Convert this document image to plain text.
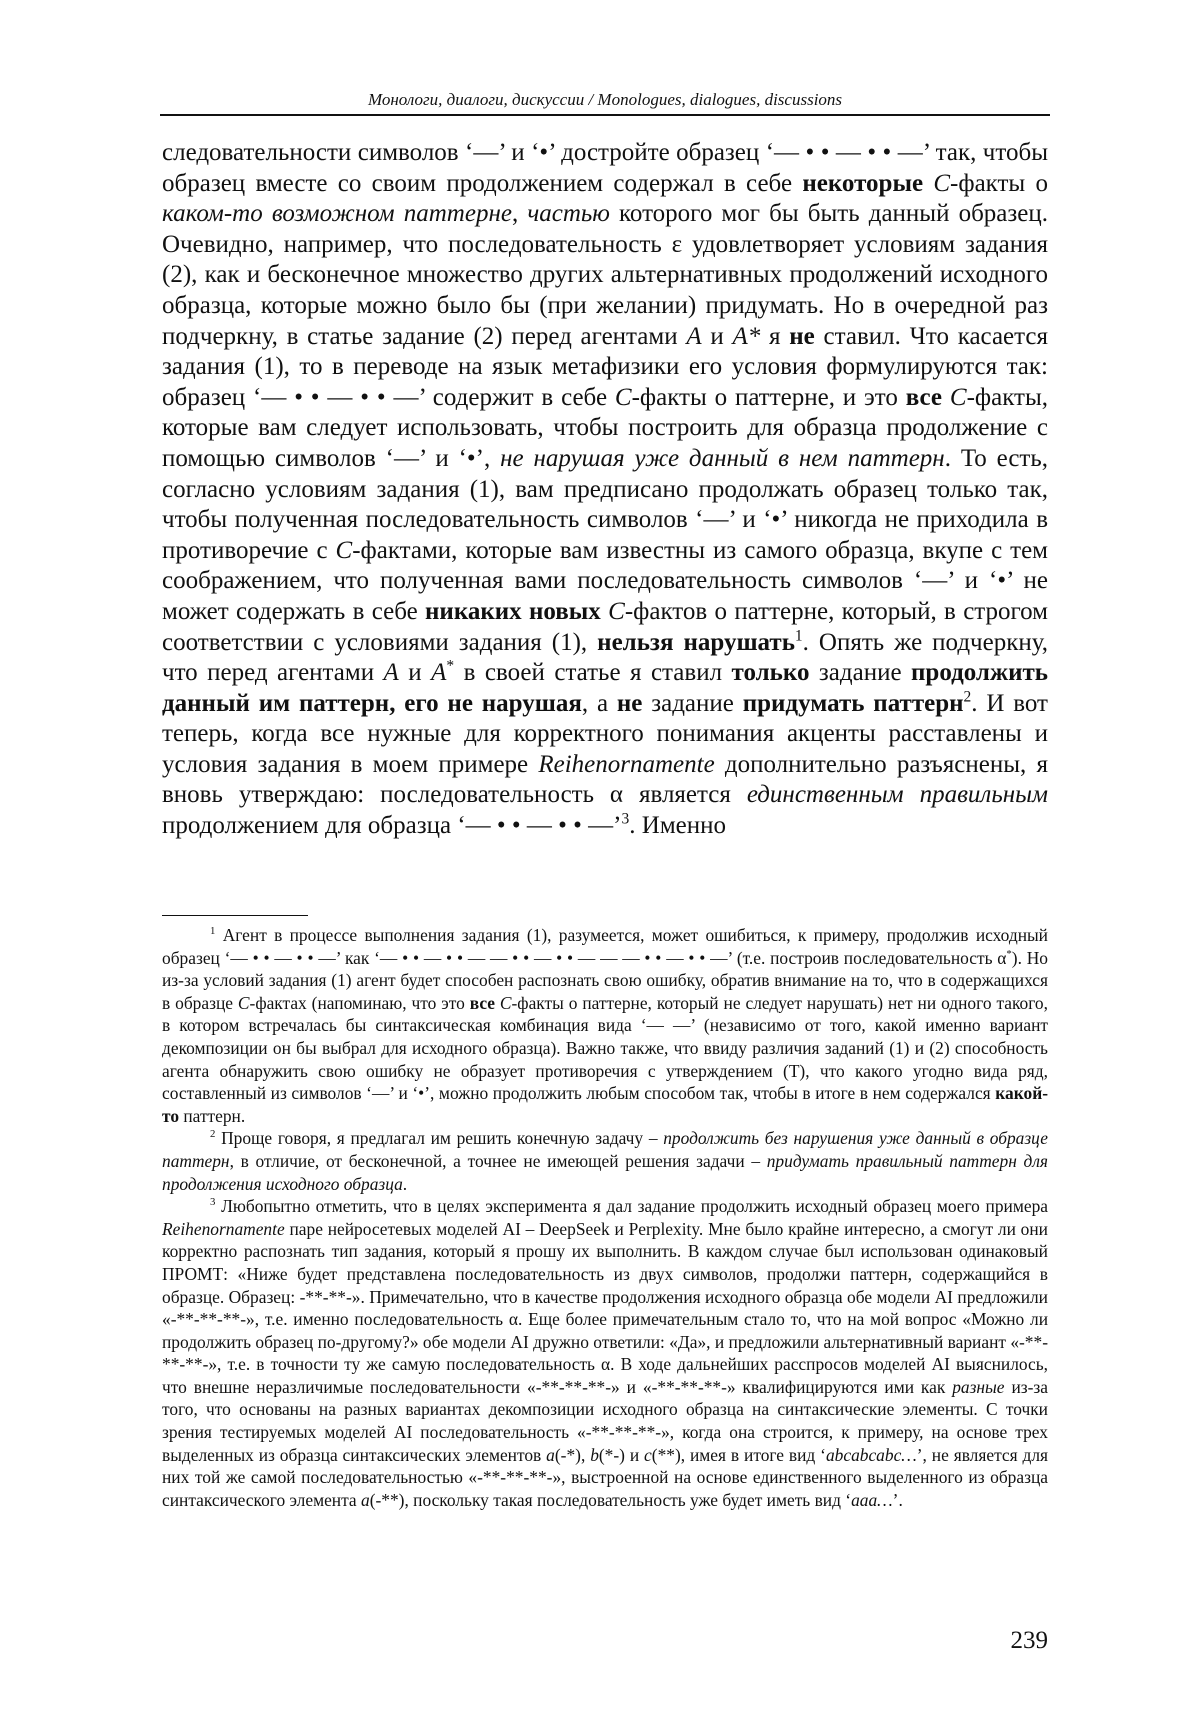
Монологи, диалоги, дискуссии / Monologues, dialogues, discussions

следовательности символов ‘—’ и ‘•’ достройте образец ‘— • • — • • —’ так, чтобы образец вместе со своим продолжением содержал в себе некоторые С-факты о каком-то возможном паттерне, частью которого мог бы быть данный образец. Очевидно, например, что последовательность ε удовлетворяет условиям задания (2), как и бесконечное множество других альтернативных продолжений исходного образца, которые можно было бы (при желании) придумать. Но в очередной раз подчеркну, в статье задание (2) перед агентами А и А* я не ставил. Что касается задания (1), то в переводе на язык метафизики его условия формулируются так: образец ‘— • • — • • —’ содержит в себе С-факты о паттерне, и это все С-факты, которые вам следует использовать, чтобы построить для образца продолжение с помощью символов ‘—’ и ‘•’, не нарушая уже данный в нем паттерн. То есть, согласно условиям задания (1), вам предписано продолжать образец только так, чтобы полученная последовательность символов ‘—’ и ‘•’ никогда не приходила в противоречие с С-фактами, которые вам известны из самого образца, вкупе с тем соображением, что полученная вами последовательность символов ‘—’ и ‘•’ не может содержать в себе никаких новых С-фактов о паттерне, который, в строгом соответствии с условиями задания (1), нельзя нарушать$^1$. Опять же подчеркну, что перед агентами А и А* в своей статье я ставил только задание продолжить данный им паттерн, его не нарушая, а не задание придумать паттерн$^2$. И вот теперь, когда все нужные для корректного понимания акценты расставлены и условия задания в моем примере Reihenornamente дополнительно разъяснены, я вновь утверждаю: последовательность α является единственным правильным продолжением для образца ‘— • • — • • —’$^3$. Именно

$^1$ Агент в процессе выполнения задания (1), разумеется, может ошибиться, к примеру, продолжив исходный образец ‘— • • — • • —’ как ‘— • • — • • — — • • — • • — — — • • — • • —’ (т.е. построив последовательность α*). Но из-за условий задания (1) агент будет способен распознать свою ошибку, обратив внимание на то, что в содержащихся в образце С-фактах (напоминаю, что это все С-факты о паттерне, который не следует нарушать) нет ни одного такого, в котором встречалась бы синтаксическая комбинация вида ‘— —’ (независимо от того, какой именно вариант декомпозиции он бы выбрал для исходного образца). Важно также, что ввиду различия заданий (1) и (2) способность агента обнаружить свою ошибку не образует противоречия с утверждением (Т), что какого угодно вида ряд, составленный из символов ‘—’ и ‘•’, можно продолжить любым способом так, чтобы в итоге в нем содержался какой-то паттерн.

$^2$ Проще говоря, я предлагал им решить конечную задачу – продолжить без нарушения уже данный в образце паттерн, в отличие, от бесконечной, а точнее не имеющей решения задачи – придумать правильный паттерн для продолжения исходного образца.

$^3$ Любопытно отметить, что в целях эксперимента я дал задание продолжить исходный образец моего примера Reihenornamente паре нейросетевых моделей AI – DeepSeek и Perplexity. Мне было крайне интересно, а смогут ли они корректно распознать тип задания, который я прошу их выполнить. В каждом случае был использован одинаковый ПРОМТ: «Ниже будет представлена последовательность из двух символов, продолжи паттерн, содержащийся в образце. Образец: -**-**-». Примечательно, что в качестве продолжения исходного образца обе модели AI предложили «-**-**-**-», т.е. именно последовательность α. Еще более примечательным стало то, что на мой вопрос «Можно ли продолжить образец по-другому?» обе модели AI дружно ответили: «Да», и предложили альтернативный вариант «-**-**-**-», т.е. в точности ту же самую последовательность α. В ходе дальнейших расспросов моделей AI выяснилось, что внешне неразличимые последовательности «-**-**-**-» и «-**-**-**-» квалифицируются ими как разные из-за того, что основаны на разных вариантах декомпозиции исходного образца на синтаксические элементы. С точки зрения тестируемых моделей AI последовательность «-**-**-**-», когда она строится, к примеру, на основе трех выделенных из образца синтаксических элементов a(-*), b(*-) и c(**), имея в итоге вид ‘abcabcabc…’, не является для них той же самой последовательностью «-**-**-**-», выстроенной на основе единственного выделенного из образца синтаксического элемента a(-**), поскольку такая последовательность уже будет иметь вид ‘aaa…’.

239
